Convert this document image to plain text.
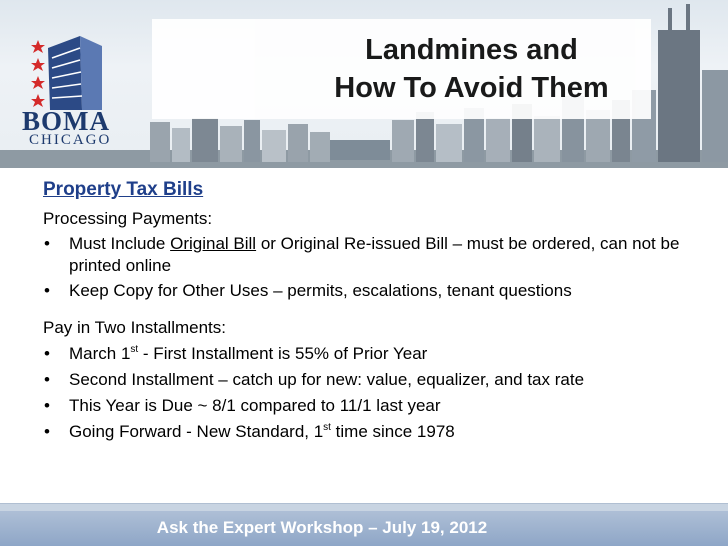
Landmines and
How To Avoid Them
BOMA
CHICAGO
Property Tax Bills
Processing Payments:
• Must Include Original Bill or Original Re-issued Bill – must be ordered, can not be printed online
• Keep Copy for Other Uses – permits, escalations, tenant questions
Pay in Two Installments:
• March 1st - First Installment is 55% of Prior Year
• Second Installment – catch up for new: value, equalizer, and tax rate
• This Year is Due ~ 8/1 compared to 11/1 last year
• Going Forward - New Standard, 1st time since 1978
Ask the Expert Workshop – July 19, 2012
